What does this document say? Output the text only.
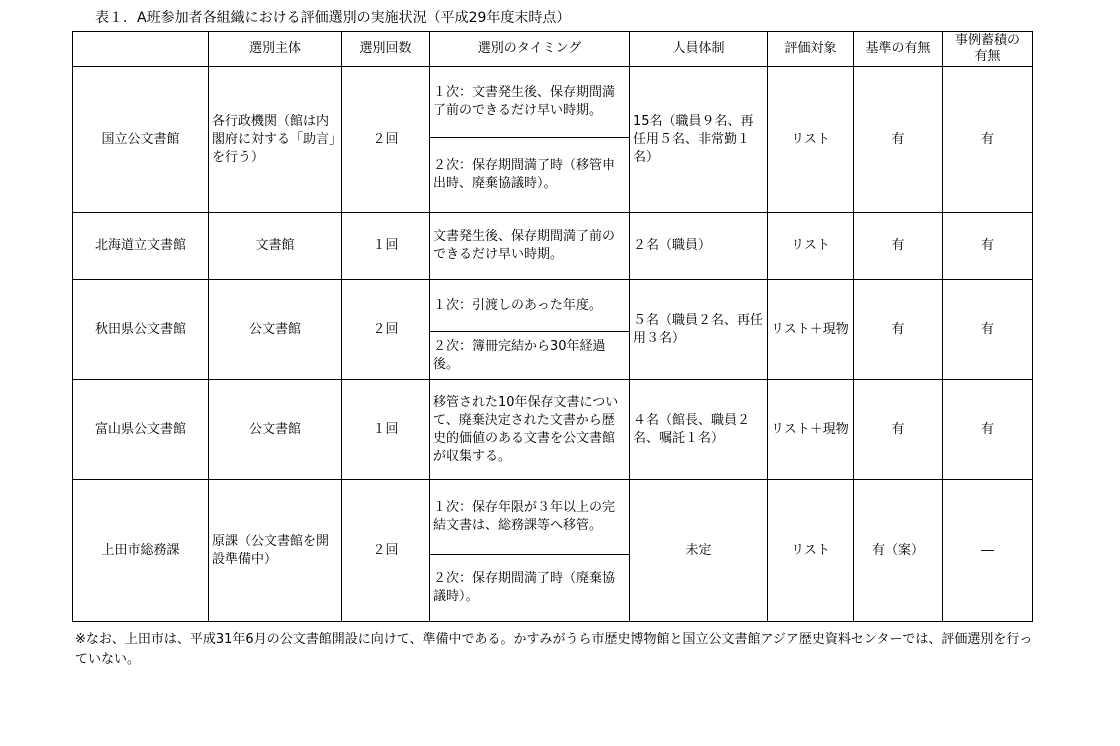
表１．A班参加者各組織における評価選別の実施状況（平成29年度末時点）
	選別主体	選別回数	選別のタイミング	人員体制	評価対象	基準の有無	事例蓄積の有無
国立公文書館	各行政機関（館は内閣府に対する「助言」を行う）	２回	１次：文書発生後、保存期間満了前のできるだけ早い時期。	15名（職員９名、再任用５名、非常勤１名）	リスト	有	有
			２次：保存期間満了時（移管申出時、廃棄協議時）。				
北海道立文書館	文書館	１回	文書発生後、保存期間満了前のできるだけ早い時期。	２名（職員）	リスト	有	有
秋田県公文書館	公文書館	２回	１次：引渡しのあった年度。	５名（職員２名、再任用３名）	リスト＋現物	有	有
			２次：簿冊完結から30年経過後。				
富山県公文書館	公文書館	１回	移管された10年保存文書について、廃棄決定された文書から歴史的価値のある文書を公文書館が収集する。	４名（館長、職員２名、嘱託１名）	リスト＋現物	有	有
上田市総務課	原課（公文書館を開設準備中）	２回	１次：保存年限が３年以上の完結文書は、総務課等へ移管。	未定	リスト	有（案）	―
			２次：保存期間満了時（廃棄協議時）。				
※なお、上田市は、平成31年6月の公文書館開設に向けて、準備中である。かすみがうら市歴史博物館と国立公文書館アジア歴史資料センターでは、評価選別を行っていない。
